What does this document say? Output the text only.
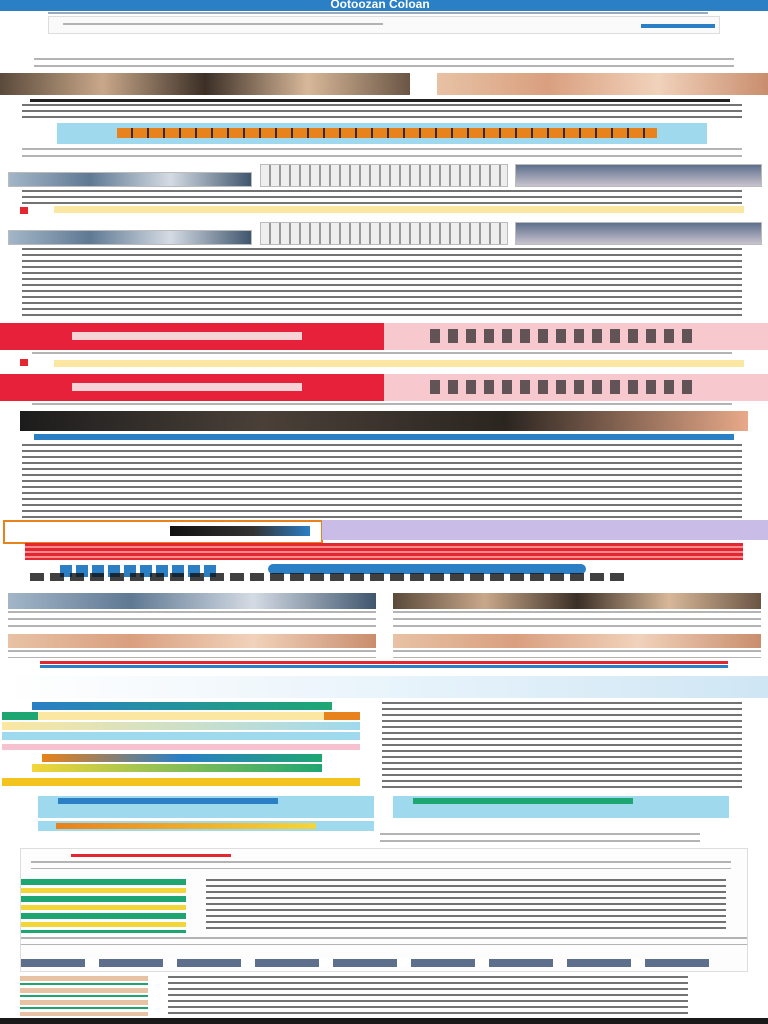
Ootoozan Coloan
